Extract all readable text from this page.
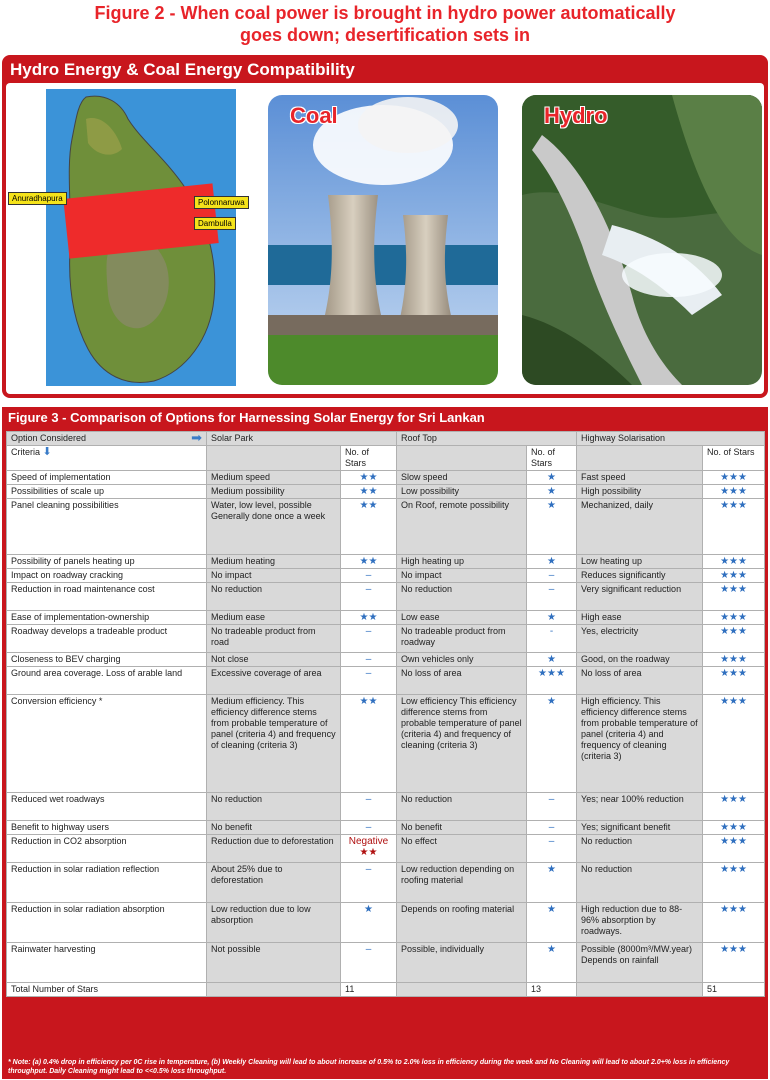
Figure 2 - When coal power is brought in hydro power automatically
goes down; desertification sets in
Hydro Energy & Coal Energy Compatibility
Anuradhapura	Polonnaruwa
Dambulla
Coal	Hydro
Figure 3 - Comparison of Options for Harnessing Solar Energy for Sri Lankan
Option Considered ➡	Solar Park		Roof Top		Highway Solarisation	
Criteria ⬇		No. of Stars		No. of Stars		No. of Stars
Speed of implementation	Medium speed	★★	Slow speed	★	Fast speed	★★★
Possibilities of scale up	Medium possibility	★★	Low possibility	★	High possibility	★★★
Panel cleaning possibilities	Water, low level, possible Generally done once a week	★★	On Roof, remote possibility	★	Mechanized, daily	★★★
Possibility of panels heating up	Medium heating	★★	High heating up	★	Low heating up	★★★
Impact on roadway cracking	No impact	–	No impact	–	Reduces significantly	★★★
Reduction in road maintenance cost	No reduction	–	No reduction	–	Very significant reduction	★★★
Ease of implementation-ownership	Medium ease	★★	Low ease	★	High ease	★★★
Roadway develops a tradeable product	No tradeable product from road	–	No tradeable product from roadway	-	Yes, electricity	★★★
Closeness to BEV charging	Not close	–	Own vehicles only	★	Good, on the roadway	★★★
Ground area coverage. Loss of arable land	Excessive coverage of area	–	No loss of area	★★★	No loss of area	★★★
Conversion efficiency *	Medium efficiency. This efficiency difference stems from probable temperature of panel (criteria 4) and frequency of cleaning (criteria 3)	★★	Low efficiency This efficiency difference stems from probable temperature of panel (criteria 4) and frequency of cleaning (criteria 3)	★	High efficiency. This efficiency difference stems from probable temperature of panel (criteria 4) and frequency of cleaning (criteria 3)	★★★
Reduced wet roadways	No reduction	–	No reduction	–	Yes; near 100% reduction	★★★
Benefit to highway users	No benefit	–	No benefit	–	Yes; significant benefit	★★★
Reduction in CO2 absorption	Reduction due to deforestation	Negative ★★	No effect	–	No reduction	★★★
Reduction in solar radiation reflection	About 25% due to deforestation	–	Low reduction depending on roofing material	★	No reduction	★★★
Reduction in solar radiation absorption	Low reduction due to low absorption	★	Depends on roofing material	★	High reduction due to 88-96% absorption by roadways.	★★★
Rainwater harvesting	Not possible	–	Possible, individually	★	Possible (8000m³/MW.year) Depends on rainfall	★★★
Total Number of Stars		11		13		51
* Note: (a) 0.4% drop in efficiency per 0C rise in temperature, (b) Weekly Cleaning will lead to about increase of 0.5% to 2.0% loss in efficiency during the week and No Cleaning will lead to about 2.0+% loss in efficiency throughput. Daily Cleaning might lead to <<0.5% loss throughput.
